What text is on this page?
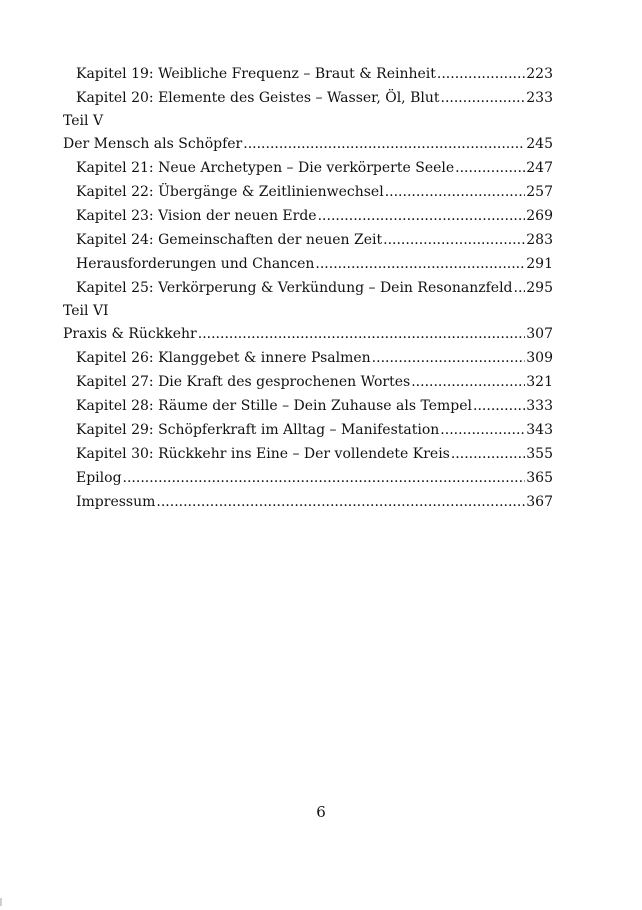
Kapitel 19: Weibliche Frequenz – Braut & Reinheit .....	223
Kapitel 20: Elemente des Geistes – Wasser, Öl, Blut .....	233
Teil V
Der Mensch als Schöpfer .....	245
Kapitel 21: Neue Archetypen – Die verkörperte Seele .....	247
Kapitel 22: Übergänge & Zeitlinienwechsel .....	257
Kapitel 23: Vision der neuen Erde .....	269
Kapitel 24: Gemeinschaften der neuen Zeit .....	283
Herausforderungen und Chancen .....	291
Kapitel 25: Verkörperung & Verkündung – Dein Resonanzfeld ..... 295
Teil VI
Praxis & Rückkehr .....	307
Kapitel 26: Klanggebet & innere Psalmen .....	309
Kapitel 27: Die Kraft des gesprochenen Wortes .....	321
Kapitel 28: Räume der Stille – Dein Zuhause als Tempel .....	333
Kapitel 29: Schöpferkraft im Alltag – Manifestation .....	343
Kapitel 30: Rückkehr ins Eine – Der vollendete Kreis .....	355
Epilog .....	365
Impressum .....	367
6
